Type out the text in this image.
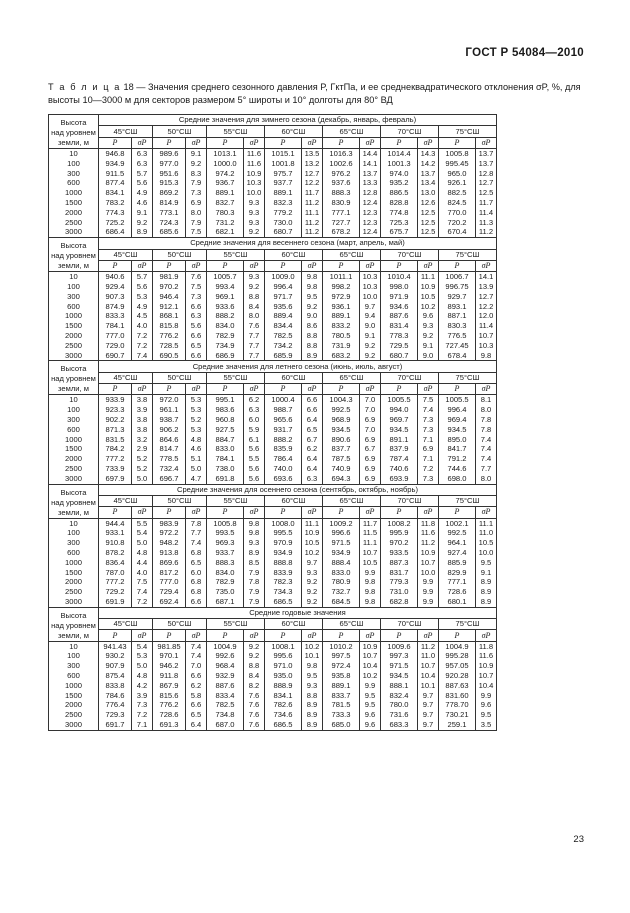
ГОСТ Р 54084—2010
Т а б л и ц а 18 — Значения среднего сезонного давления P, ГктПа, и ее среднеквадратического отклонения σP, %, для высоты 10—3000 м для секторов размером 5° широты и 10° долготы для 80° ВД
Высота
над уровнем
земли, м	Средние значения для зимнего сезона (декабрь, январь, февраль)													
	45°СШ		50°СШ		55°СШ		60°СШ		65°СШ		70°СШ		75°СШ	
	P	σP	P	σP	P	σP	P	σP	P	σP	P	σP	P	σP
10	946.8	6.3	989.6	9.1	1013.1	11.6	1015.1	13.5	1016.3	14.4	1014.4	14.3	1005.8	13.7
100	934.9	6.3	977.0	9.2	1000.0	11.6	1001.8	13.2	1002.6	14.1	1001.3	14.2	995.45	13.7
300	911.5	5.7	951.6	8.3	974.2	10.9	975.7	12.7	976.2	13.7	974.0	13.7	965.0	12.8
600	877.4	5.6	915.3	7.9	936.7	10.3	937.7	12.2	937.6	13.3	935.2	13.4	926.1	12.7
1000	834.1	4.9	869.2	7.3	889.1	10.0	889.1	11.7	888.3	12.8	886.5	13.0	882.5	12.5
1500	783.2	4.6	814.9	6.9	832.7	9.3	832.3	11.2	830.9	12.4	828.8	12.6	824.5	11.7
2000	774.3	9.1	773.1	8.0	780.3	9.3	779.2	11.1	777.1	12.3	774.8	12.5	770.0	11.4
2500	725.2	9.2	724.3	7.9	731.2	9.3	730.0	11.2	727.7	12.3	725.3	12.5	720.2	11.3
3000	686.4	8.9	685.6	7.5	682.1	9.2	680.7	11.2	678.2	12.4	675.7	12.5	670.4	11.2

Высота
над уровнем
земли, м	Средние значения для весеннего сезона (март, апрель, май)													
	45°СШ		50°СШ		55°СШ		60°СШ		65°СШ		70°СШ		75°СШ	
	P	σP	P	σP	P	σP	P	σP	P	σP	P	σP	P	σP
10	940.6	5.7	981.9	7.6	1005.7	9.3	1009.0	9.8	1011.1	10.3	1010.4	11.1	1006.7	14.1
100	929.4	5.6	970.2	7.5	993.4	9.2	996.4	9.8	998.2	10.3	998.0	10.9	996.75	13.9
300	907.3	5.3	946.4	7.3	969.1	8.8	971.7	9.5	972.9	10.0	971.9	10.5	929.7	12.7
600	874.9	4.9	912.1	6.6	933.6	8.4	935.6	9.2	936.1	9.7	934.6	10.2	893.1	12.2
1000	833.3	4.5	868.1	6.3	888.2	8.0	889.4	9.0	889.1	9.4	887.6	9.6	887.1	12.0
1500	784.1	4.0	815.8	5.6	834.0	7.6	834.4	8.6	833.2	9.0	831.4	9.3	830.3	11.4
2000	777.0	7.2	776.2	6.6	782.9	7.7	782.5	8.8	780.5	9.1	778.3	9.2	776.5	10.7
2500	729.0	7.2	728.5	6.5	734.9	7.7	734.2	8.8	731.9	9.2	729.5	9.1	727.45	10.3
3000	690.7	7.4	690.5	6.6	686.9	7.7	685.9	8.9	683.2	9.2	680.7	9.0	678.4	9.8

Высота
над уровнем
земли, м	Средние значения для летнего сезона (июнь, июль, август)													
	45°СШ		50°СШ		55°СШ		60°СШ		65°СШ		70°СШ		75°СШ	
	P	σP	P	σP	P	σP	P	σP	P	σP	P	σP	P	σP
10	933.9	3.8	972.0	5.3	995.1	6.2	1000.4	6.6	1004.3	7.0	1005.5	7.5	1005.5	8.1
100	923.3	3.9	961.1	5.3	983.6	6.3	988.7	6.6	992.5	7.0	994.0	7.4	996.4	8.0
300	902.2	3.8	938.7	5.2	960.8	6.0	965.6	6.4	968.9	6.9	969.7	7.3	969.4	7.8
600	871.3	3.8	906.2	5.3	927.5	5.9	931.7	6.5	934.5	7.0	934.5	7.3	934.5	7.8
1000	831.5	3.2	864.6	4.8	884.7	6.1	888.2	6.7	890.6	6.9	891.1	7.1	895.0	7.4
1500	784.2	2.9	814.7	4.6	833.0	5.6	835.9	6.2	837.7	6.7	837.9	6.9	841.7	7.4
2000	777.2	5.2	778.5	5.1	784.1	5.5	786.4	6.4	787.5	6.9	787.4	7.1	791.2	7.4
2500	733.9	5.2	732.4	5.0	738.0	5.6	740.0	6.4	740.9	6.9	740.6	7.2	744.6	7.7
3000	697.9	5.0	696.7	4.7	691.8	5.6	693.6	6.3	694.3	6.9	693.9	7.3	698.0	8.0

Высота
над уровнем
земли, м	Средние значения для осеннего сезона (сентябрь, октябрь, ноябрь)													
	45°СШ		50°СШ		55°СШ		60°СШ		65°СШ		70°СШ		75°СШ	
	P	σP	P	σP	P	σP	P	σP	P	σP	P	σP	P	σP
10	944.4	5.5	983.9	7.8	1005.8	9.8	1008.0	11.1	1009.2	11.7	1008.2	11.8	1002.1	11.1
100	933.1	5.4	972.2	7.7	993.5	9.8	995.5	10.9	996.6	11.5	995.9	11.6	992.5	11.0
300	910.8	5.0	948.2	7.4	969.3	9.3	970.9	10.5	971.5	11.1	970.2	11.2	964.1	10.5
600	878.2	4.8	913.8	6.8	933.7	8.9	934.9	10.2	934.9	10.7	933.5	10.9	927.4	10.0
1000	836.4	4.4	869.6	6.5	888.3	8.5	888.8	9.7	888.4	10.5	887.3	10.7	885.9	9.5
1500	787.0	4.0	817.2	6.0	834.0	7.9	833.9	9.3	833.0	9.9	831.7	10.0	829.9	9.1
2000	777.2	7.5	777.0	6.8	782.9	7.8	782.3	9.2	780.9	9.8	779.3	9.9	777.1	8.9
2500	729.2	7.4	729.4	6.8	735.0	7.9	734.3	9.2	732.7	9.8	731.0	9.9	728.6	8.9
3000	691.9	7.2	692.4	6.6	687.1	7.9	686.5	9.2	684.5	9.8	682.8	9.9	680.1	8.9

Высота
над уровнем
земли, м	Средние годовые значения													
	45°СШ		50°СШ		55°СШ		60°СШ		65°СШ		70°СШ		75°СШ	
	P	σP	P	σP	P	σP	P	σP	P	σP	P	σP	P	σP
10	941.43	5.4	981.85	7.4	1004.9	9.2	1008.1	10.2	1010.2	10.9	1009.6	11.2	1004.9	11.8
100	930.2	5.3	970.1	7.4	992.6	9.2	995.6	10.1	997.5	10.7	997.3	11.0	995.28	11.6
300	907.9	5.0	946.2	7.0	968.4	8.8	971.0	9.8	972.4	10.4	971.5	10.7	957.05	10.9
600	875.4	4.8	911.8	6.6	932.9	8.4	935.0	9.5	935.8	10.2	934.5	10.4	920.28	10.7
1000	833.8	4.2	867.9	6.2	887.6	8.2	888.9	9.3	889.1	9.9	888.1	10.1	887.63	10.4
1500	784.6	3.9	815.6	5.8	833.4	7.6	834.1	8.8	833.7	9.5	832.4	9.7	831.60	9.9
2000	776.4	7.3	776.2	6.6	782.5	7.6	782.6	8.9	781.5	9.5	780.0	9.7	778.70	9.6
2500	729.3	7.2	728.6	6.5	734.8	7.6	734.6	8.9	733.3	9.6	731.6	9.7	730.21	9.5
3000	691.7	7.1	691.3	6.4	687.0	7.6	686.5	8.9	685.0	9.6	683.3	9.7	259.1	3.5
23
